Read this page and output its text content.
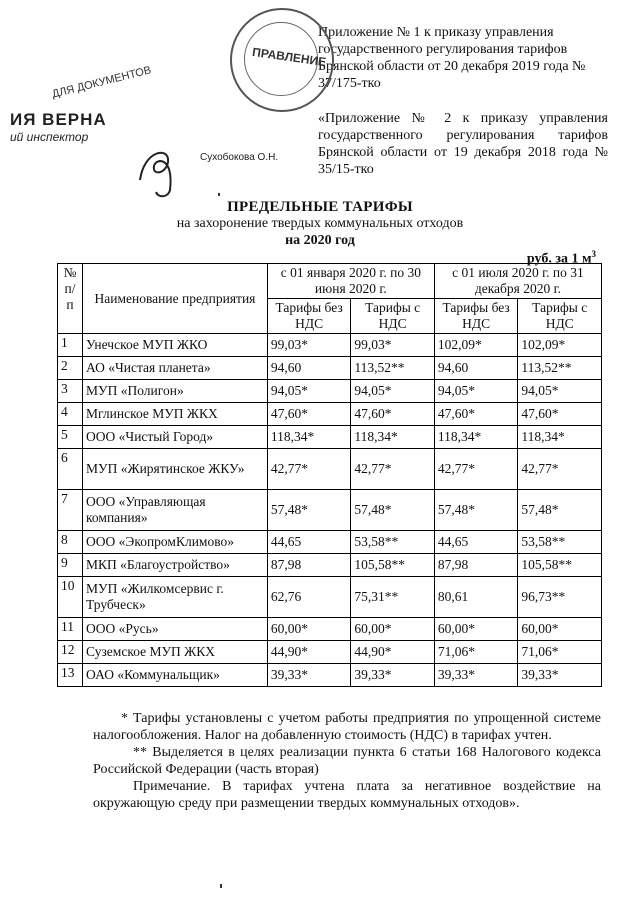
Приложение № 1 к приказу управления государственного регулирования тарифов Брянской области от 20 декабря 2019 года № 37/175-тко
«Приложение № 2 к приказу управления государственного регулирования тарифов Брянской области от 19 декабря 2018 года № 35/15-тко
ПРАВЛЕНИЕ
ДЛЯ ДОКУМЕНТОВ
ИЯ ВЕРНА
ий инспектор
Сухобокова О.Н.
ПРЕДЕЛЬНЫЕ ТАРИФЫ
на захоронение твердых коммунальных отходов
на 2020 год
руб. за 1 $м^3$
№ п/п	Наименование предприятия	с 01 января 2020 г. по 30 июня 2020 г.		с 01 июля 2020 г. по 31 декабря 2020 г.	
		Тарифы без НДС	Тарифы с НДС	Тарифы без НДС	Тарифы с НДС
1	Унечское МУП ЖКО	99,03*	99,03*	102,09*	102,09*
2	АО «Чистая планета»	94,60	113,52**	94,60	113,52**
3	МУП «Полигон»	94,05*	94,05*	94,05*	94,05*
4	Мглинское МУП ЖКХ	47,60*	47,60*	47,60*	47,60*
5	ООО «Чистый Город»	118,34*	118,34*	118,34*	118,34*
6	МУП «Жирятинское ЖКУ»	42,77*	42,77*	42,77*	42,77*
7	ООО «Управляющая компания»	57,48*	57,48*	57,48*	57,48*
8	ООО «ЭкопромКлимово»	44,65	53,58**	44,65	53,58**
9	МКП «Благоустройство»	87,98	105,58**	87,98	105,58**
10	МУП «Жилкомсервис г. Трубческ»	62,76	75,31**	80,61	96,73**
11	ООО «Русь»	60,00*	60,00*	60,00*	60,00*
12	Суземское МУП ЖКХ	44,90*	44,90*	71,06*	71,06*
13	ОАО «Коммунальщик»	39,33*	39,33*	39,33*	39,33*

* Тарифы установлены с учетом работы предприятия по упрощенной системе налогообложения. Налог на добавленную стоимость (НДС) в тарифах учтен.

** Выделяется в целях реализации пункта 6 статьи 168 Налогового кодекса Российской Федерации (часть вторая)

Примечание. В тарифах учтена плата за негативное воздействие на окружающую среду при размещении твердых коммунальных отходов».
